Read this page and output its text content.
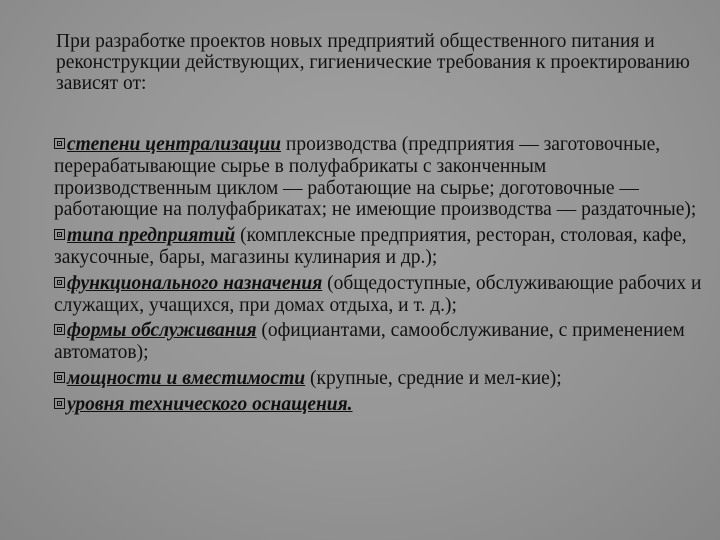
При разработке проектов новых предприятий общественного питания и реконструкции действующих, гигиенические требования к проектированию зависят от:

степени централизации производства (предприятия — заготовочные, перерабатывающие сырье в полуфабрикаты с законченным производственным циклом — работающие на сырье; доготовочные — работающие на полуфабрикатах; не имеющие производства — раздаточные);
типа предприятий (комплексные предприятия, ресторан, столовая, кафе, закусочные, бары, магазины кулинария и др.);
функционального назначения (общедоступные, обслуживающие рабочих и служащих, учащихся, при домах отдыха, и т. д.);
формы обслуживания (официантами, самообслуживание, с применением автоматов);
мощности и вместимости (крупные, средние и мел-кие);
уровня технического оснащения.
